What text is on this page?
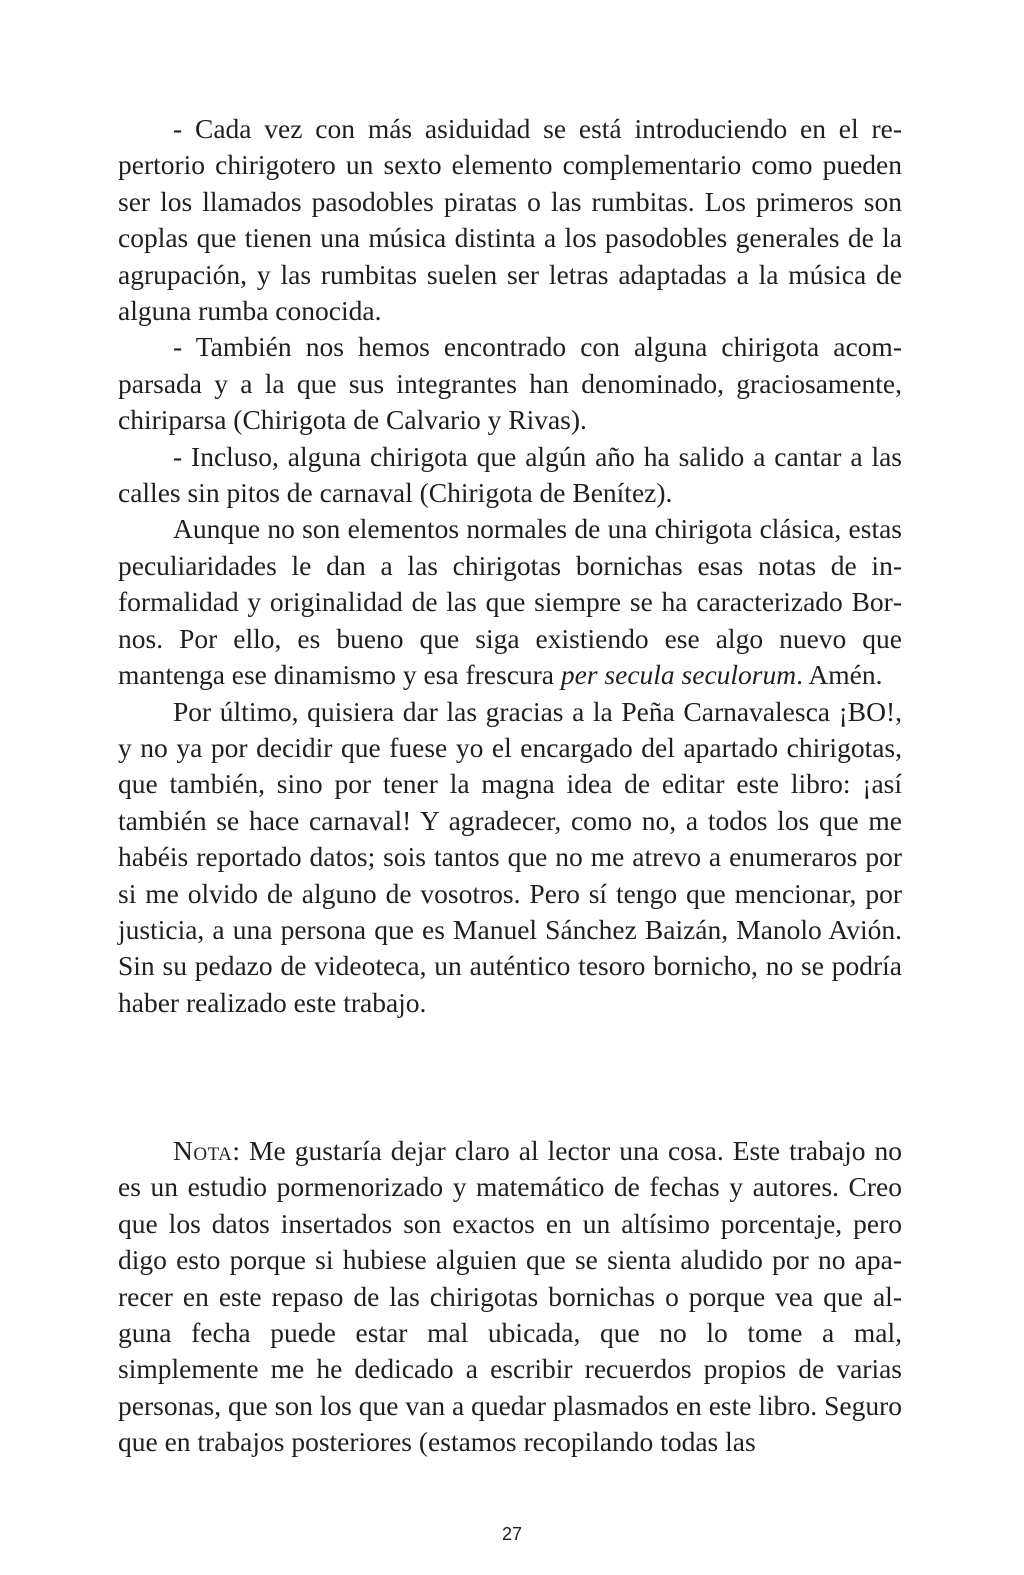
- Cada vez con más asiduidad se está introduciendo en el repertorio chirigotero un sexto elemento complementario como pueden ser los llamados pasodobles piratas o las rumbitas. Los primeros son coplas que tienen una música distinta a los pasodobles generales de la agrupación, y las rumbitas suelen ser letras adaptadas a la música de alguna rumba conocida.

- También nos hemos encontrado con alguna chirigota acomparsada y a la que sus integrantes han denominado, graciosamente, chiriparsa (Chirigota de Calvario y Rivas).

- Incluso, alguna chirigota que algún año ha salido a cantar a las calles sin pitos de carnaval (Chirigota de Benítez).

Aunque no son elementos normales de una chirigota clásica, estas peculiaridades le dan a las chirigotas bornichas esas notas de informalidad y originalidad de las que siempre se ha caracterizado Bornos. Por ello, es bueno que siga existiendo ese algo nuevo que mantenga ese dinamismo y esa frescura per secula seculorum. Amén.

Por último, quisiera dar las gracias a la Peña Carnavalesca ¡BO!, y no ya por decidir que fuese yo el encargado del apartado chirigotas, que también, sino por tener la magna idea de editar este libro: ¡así también se hace carnaval! Y agradecer, como no, a todos los que me habéis reportado datos; sois tantos que no me atrevo a enumeraros por si me olvido de alguno de vosotros. Pero sí tengo que mencionar, por justicia, a una persona que es Manuel Sánchez Baizán, Manolo Avión. Sin su pedazo de videoteca, un auténtico tesoro bornicho, no se podría haber realizado este trabajo.

Nota: Me gustaría dejar claro al lector una cosa. Este trabajo no es un estudio pormenorizado y matemático de fechas y autores. Creo que los datos insertados son exactos en un altísimo porcentaje, pero digo esto porque si hubiese alguien que se sienta aludido por no aparecer en este repaso de las chirigotas bornichas o porque vea que alguna fecha puede estar mal ubicada, que no lo tome a mal, simplemente me he dedicado a escribir recuerdos propios de varias personas, que son los que van a quedar plasmados en este libro. Seguro que en trabajos posteriores (estamos recopilando todas las

27
